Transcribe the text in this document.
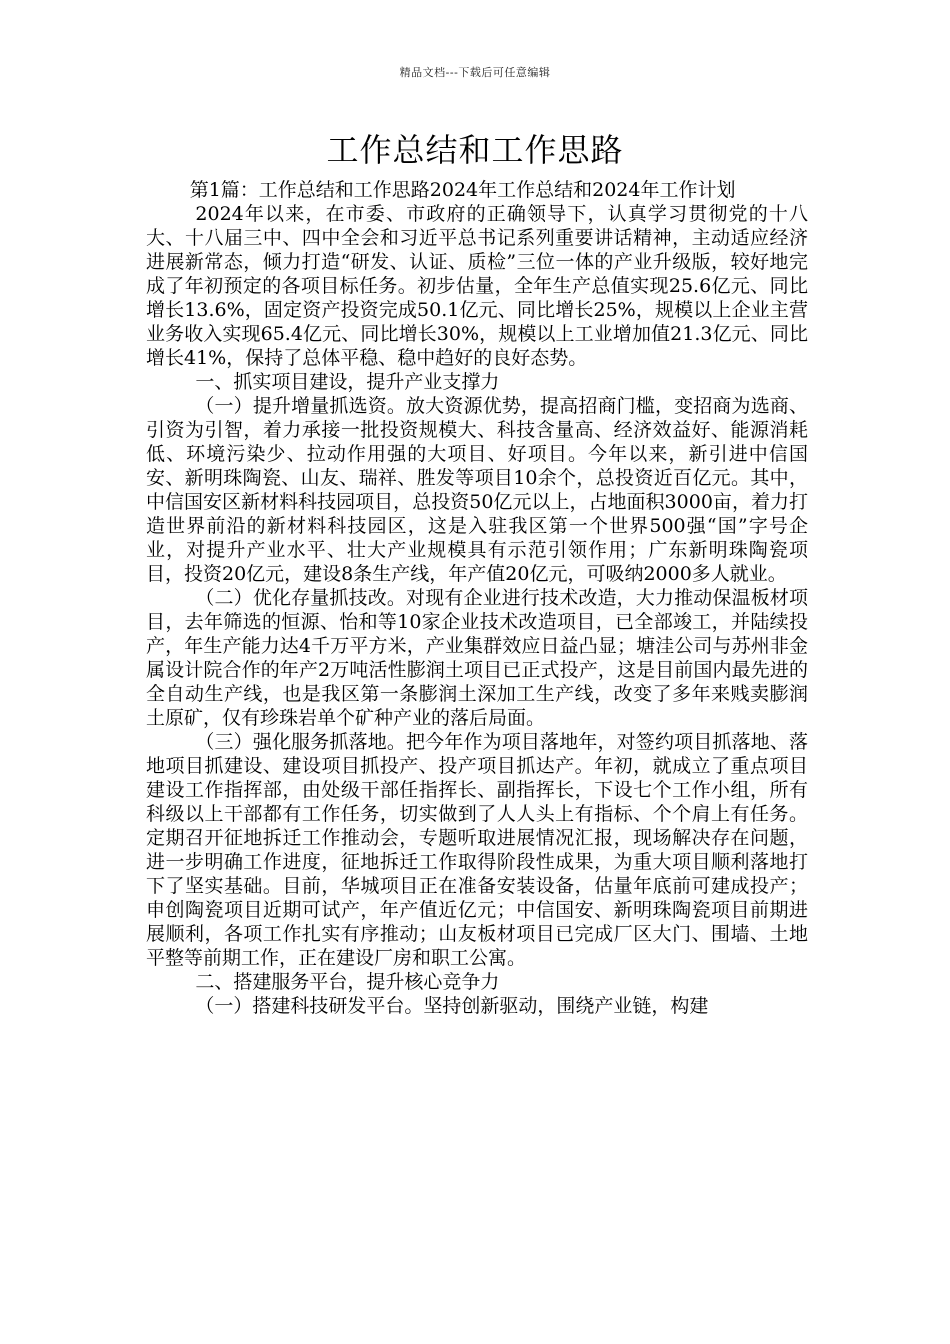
精品文档---下载后可任意编辑
工作总结和工作思路

第1篇：工作总结和工作思路2024年工作总结和2024年工作计划

2024年以来，在市委、市政府的正确领导下，认真学习贯彻党的十八大、十八届三中、四中全会和习近平总书记系列重要讲话精神，主动适应经济进展新常态，倾力打造“研发、认证、质检”三位一体的产业升级版，较好地完成了年初预定的各项目标任务。初步估量，全年生产总值实现25.6亿元、同比增长13.6%，固定资产投资完成50.1亿元、同比增长25%，规模以上企业主营业务收入实现65.4亿元、同比增长30%，规模以上工业增加值21.3亿元、同比增长41%，保持了总体平稳、稳中趋好的良好态势。

一、抓实项目建设，提升产业支撑力

（一）提升增量抓选资。放大资源优势，提高招商门槛，变招商为选商、引资为引智，着力承接一批投资规模大、科技含量高、经济效益好、能源消耗低、环境污染少、拉动作用强的大项目、好项目。今年以来，新引进中信国安、新明珠陶瓷、山友、瑞祥、胜发等项目10余个，总投资近百亿元。其中，中信国安区新材料科技园项目，总投资50亿元以上，占地面积3000亩，着力打造世界前沿的新材料科技园区，这是入驻我区第一个世界500强“国”字号企业，对提升产业水平、壮大产业规模具有示范引领作用；广东新明珠陶瓷项目，投资20亿元，建设8条生产线，年产值20亿元，可吸纳2000多人就业。

（二）优化存量抓技改。对现有企业进行技术改造，大力推动保温板材项目，去年筛选的恒源、怡和等10家企业技术改造项目，已全部竣工，并陆续投产，年生产能力达4千万平方米，产业集群效应日益凸显；塘洼公司与苏州非金属设计院合作的年产2万吨活性膨润土项目已正式投产，这是目前国内最先进的全自动生产线，也是我区第一条膨润土深加工生产线，改变了多年来贱卖膨润土原矿，仅有珍珠岩单个矿种产业的落后局面。

（三）强化服务抓落地。把今年作为项目落地年，对签约项目抓落地、落地项目抓建设、建设项目抓投产、投产项目抓达产。年初，就成立了重点项目建设工作指挥部，由处级干部任指挥长、副指挥长，下设七个工作小组，所有科级以上干部都有工作任务，切实做到了人人头上有指标、个个肩上有任务。定期召开征地拆迁工作推动会，专题听取进展情况汇报，现场解决存在问题，进一步明确工作进度，征地拆迁工作取得阶段性成果，为重大项目顺利落地打下了坚实基础。目前，华城项目正在准备安装设备，估量年底前可建成投产；申创陶瓷项目近期可试产，年产值近亿元；中信国安、新明珠陶瓷项目前期进展顺利，各项工作扎实有序推动；山友板材项目已完成厂区大门、围墙、土地平整等前期工作，正在建设厂房和职工公寓。

二、搭建服务平台，提升核心竞争力

（一）搭建科技研发平台。坚持创新驱动，围绕产业链，构建
